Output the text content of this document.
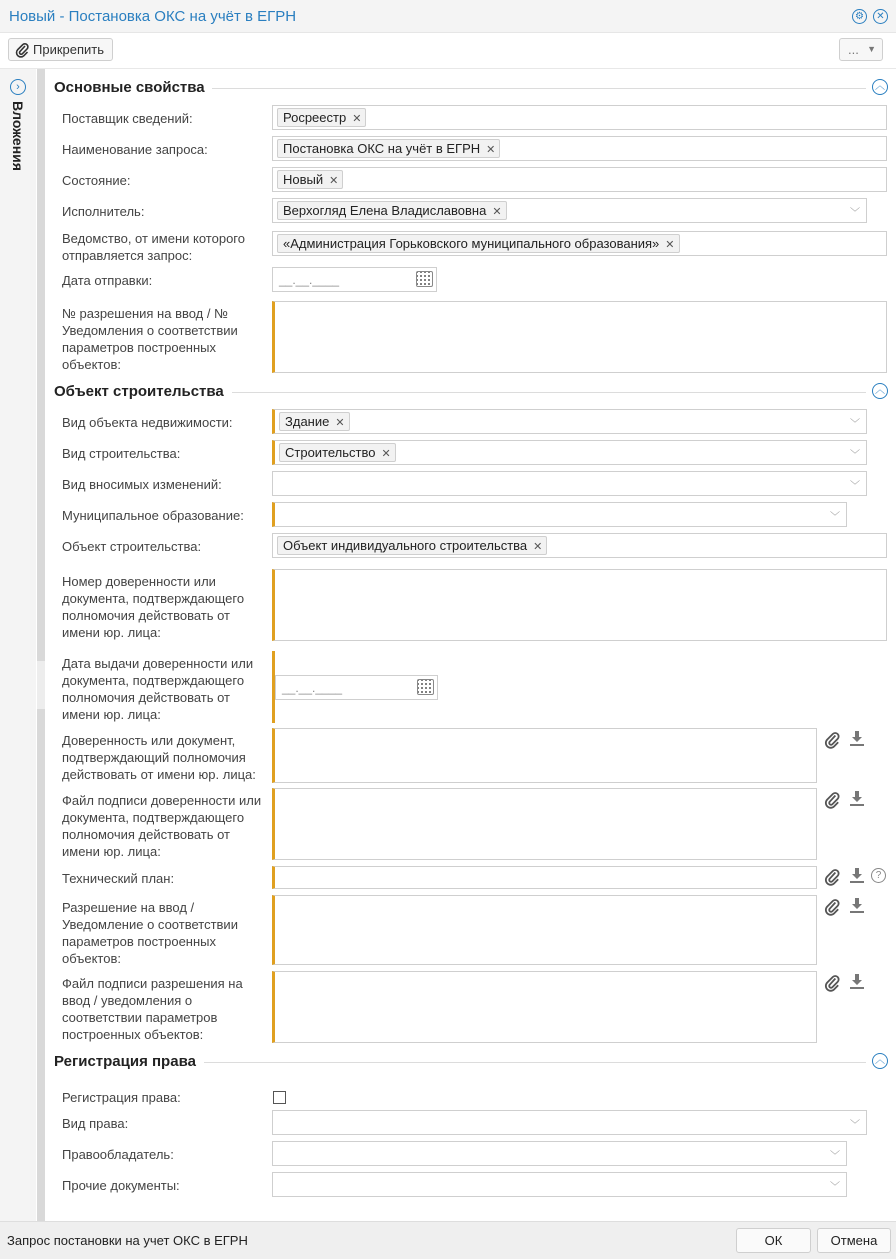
Новый - Постановка ОКС на учёт в ЕГРН	⚙	✕
Прикрепить	... ▼
›
Вложения
Основные свойства	︿
Поставщик сведений:	Росреестр ✕
Наименование запроса:	Постановка ОКС на учёт в ЕГРН ✕
Состояние:	Новый ✕
Исполнитель:	Верхогляд Елена Владиславовна ✕	﹀
Ведомство, от имени которого отправляется запрос:
«Администрация Горьковского муниципального образования» ✕
Дата отправки:	__.__.____
№ разрешения на ввод / № Уведомления о соответствии параметров построенных объектов:
Объект строительства	︿
Вид объекта недвижимости:	Здание ✕	﹀
Вид строительства:	Строительство ✕	﹀
Вид вносимых изменений:	﹀
Муниципальное образование:	﹀
Объект строительства:	Объект индивидуального строительства ✕
Номер доверенности или документа, подтверждающего полномочия действовать от имени юр. лица:
Дата выдачи доверенности или документа, подтверждающего полномочия действовать от имени юр. лица:
__.__.____
Доверенность или документ, подтверждающий полномочия действовать от имени юр. лица:
Файл подписи доверенности или документа, подтверждающего полномочия действовать от имени юр. лица:
Технический план:	?
Разрешение на ввод / Уведомление о соответствии параметров построенных объектов:
Файл подписи разрешения на ввод / уведомления о соответствии параметров построенных объектов:
Регистрация права	︿
Регистрация права:
Вид права:	﹀
Правообладатель:	﹀
Прочие документы:	﹀
Запрос постановки на учет ОКС в ЕГРН	ОК	Отмена
